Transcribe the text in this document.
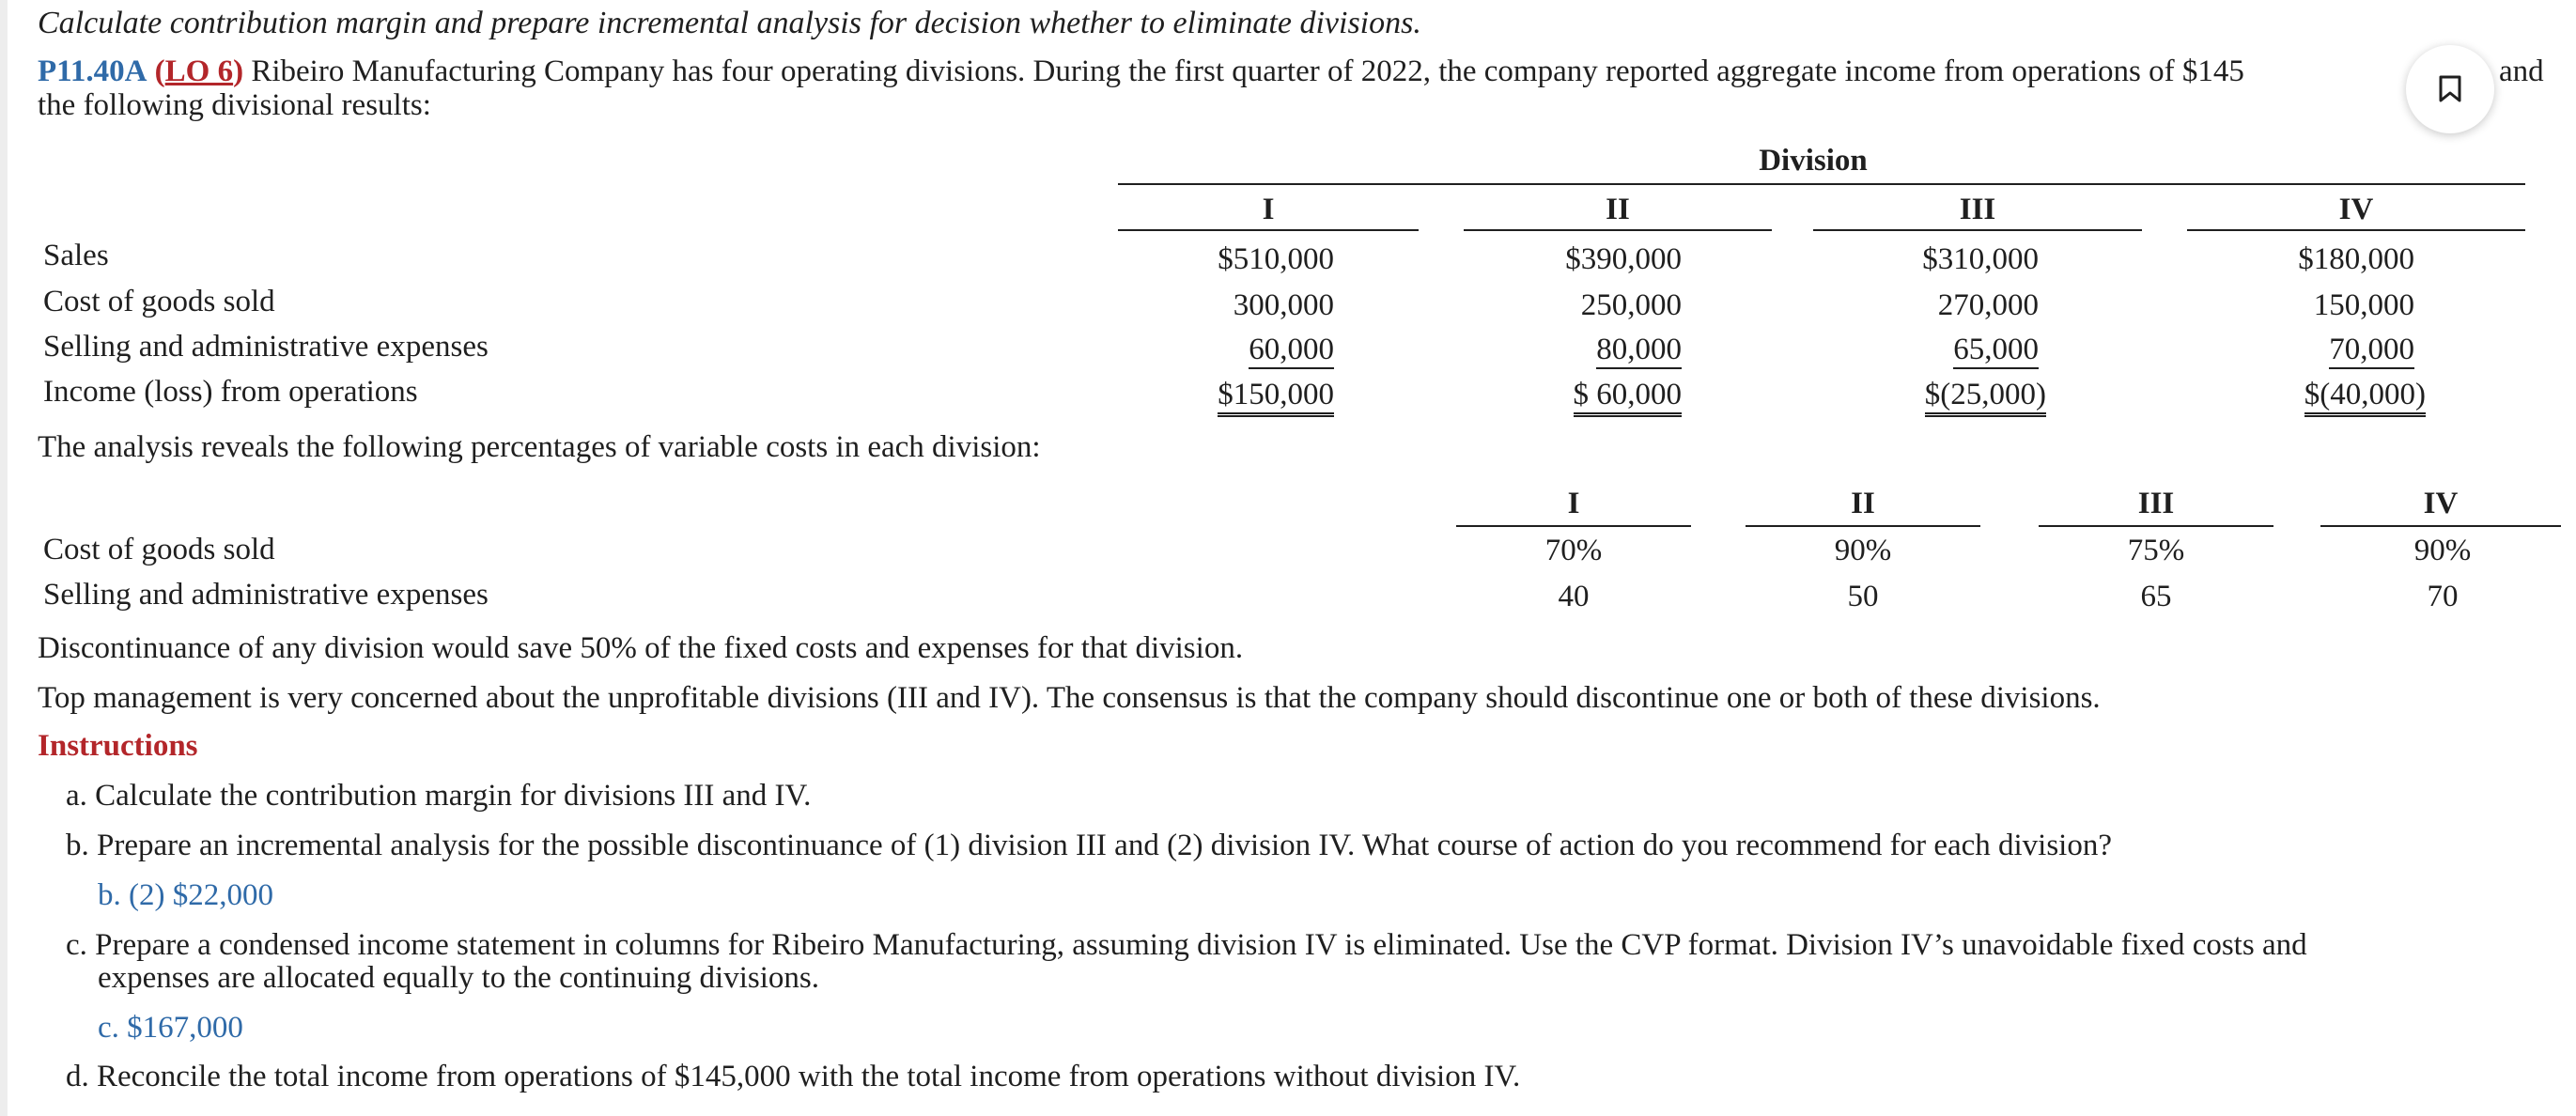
Calculate contribution margin and prepare incremental analysis for decision whether to eliminate divisions.
P11.40A (LO 6) Ribeiro Manufacturing Company has four operating divisions. During the first quarter of 2022, the company reported aggregate income from operations of $145	and
the following divisional results:
Division
I	II	III	IV
Sales	$510,000	$390,000	$310,000	$180,000
Cost of goods sold	300,000	250,000	270,000	150,000
Selling and administrative expenses	60,000	80,000	65,000	70,000
Income (loss) from operations	$150,000	$ 60,000	$(25,000)	$(40,000)
The analysis reveals the following percentages of variable costs in each division:
I	II	III	IV
Cost of goods sold	70%	90%	75%	90%
Selling and administrative expenses	40	50	65	70
Discontinuance of any division would save 50% of the fixed costs and expenses for that division.
Top management is very concerned about the unprofitable divisions (III and IV). The consensus is that the company should discontinue one or both of these divisions.
Instructions
a. Calculate the contribution margin for divisions III and IV.
b. Prepare an incremental analysis for the possible discontinuance of (1) division III and (2) division IV. What course of action do you recommend for each division?
b. (2) $22,000
c. Prepare a condensed income statement in columns for Ribeiro Manufacturing, assuming division IV is eliminated. Use the CVP format. Division IV’s unavoidable fixed costs and
expenses are allocated equally to the continuing divisions.
c. $167,000
d. Reconcile the total income from operations of $145,000 with the total income from operations without division IV.
